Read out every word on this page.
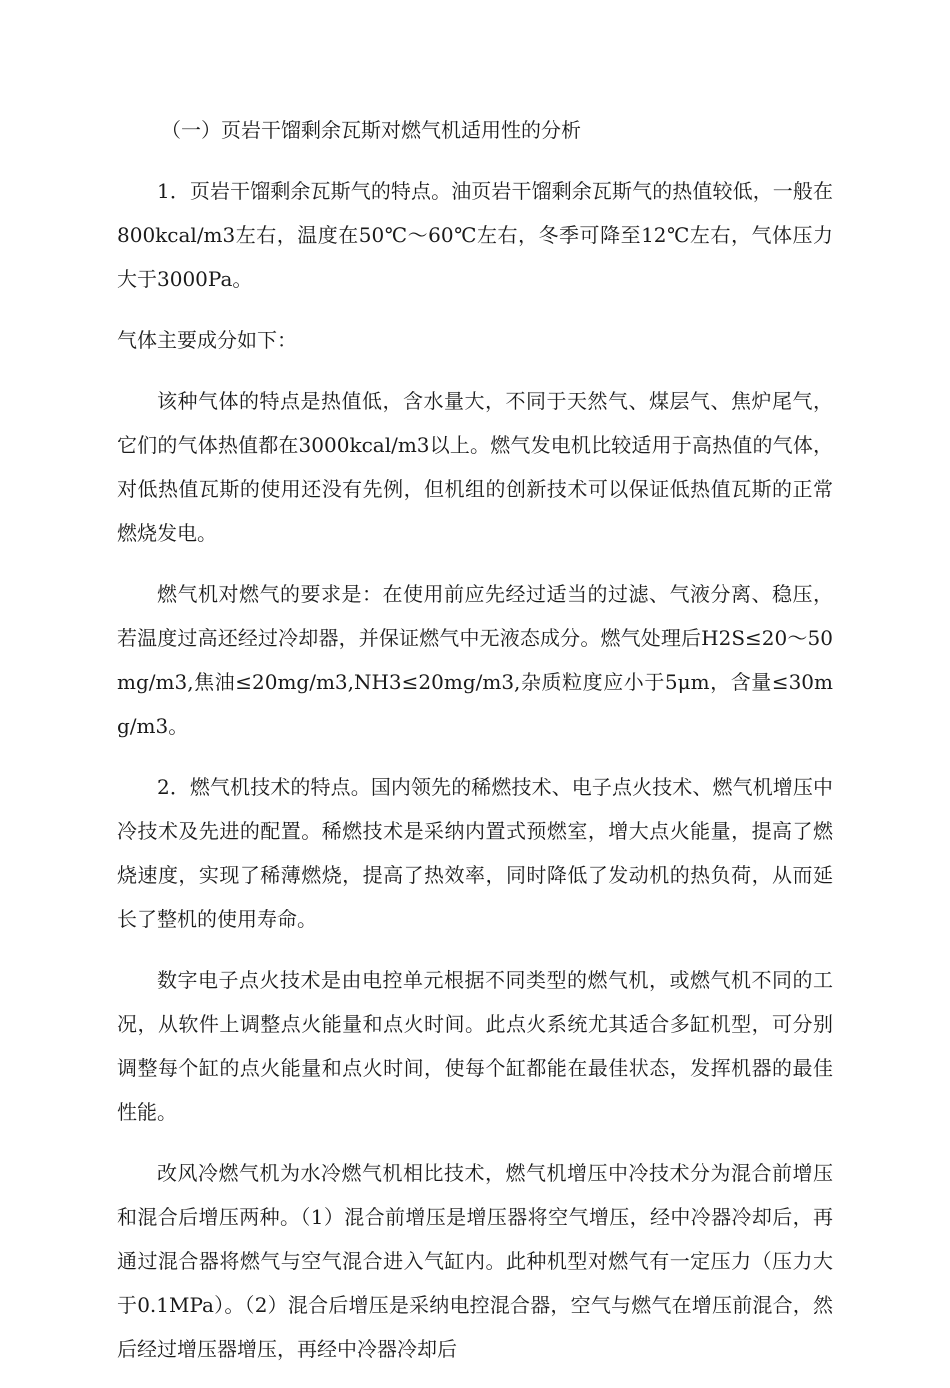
（一）页岩干馏剩余瓦斯对燃气机适用性的分析

1．页岩干馏剩余瓦斯气的特点。油页岩干馏剩余瓦斯气的热值较低，一般在800kcal/m3左右，温度在50℃～60℃左右，冬季可降至12℃左右，气体压力大于3000Pa。

气体主要成分如下：

该种气体的特点是热值低，含水量大，不同于天然气、煤层气、焦炉尾气，它们的气体热值都在3000kcal/m3以上。燃气发电机比较适用于高热值的气体，对低热值瓦斯的使用还没有先例，但机组的创新技术可以保证低热值瓦斯的正常燃烧发电。

燃气机对燃气的要求是：在使用前应先经过适当的过滤、气液分离、稳压，若温度过高还经过冷却器，并保证燃气中无液态成分。燃气处理后H2S≤20～50mg/m3,焦油≤20mg/m3,NH3≤20mg/m3,杂质粒度应小于5μm，含量≤30mg/m3。

2．燃气机技术的特点。国内领先的稀燃技术、电子点火技术、燃气机增压中冷技术及先进的配置。稀燃技术是采纳内置式预燃室，增大点火能量，提高了燃烧速度，实现了稀薄燃烧，提高了热效率，同时降低了发动机的热负荷，从而延长了整机的使用寿命。

数字电子点火技术是由电控单元根据不同类型的燃气机，或燃气机不同的工况，从软件上调整点火能量和点火时间。此点火系统尤其适合多缸机型，可分别调整每个缸的点火能量和点火时间，使每个缸都能在最佳状态，发挥机器的最佳性能。

改风冷燃气机为水冷燃气机相比技术，燃气机增压中冷技术分为混合前增压和混合后增压两种。（1）混合前增压是增压器将空气增压，经中冷器冷却后，再通过混合器将燃气与空气混合进入气缸内。此种机型对燃气有一定压力（压力大于0.1MPa）。（2）混合后增压是采纳电控混合器，空气与燃气在增压前混合，然后经过增压器增压，再经中冷器冷却后
